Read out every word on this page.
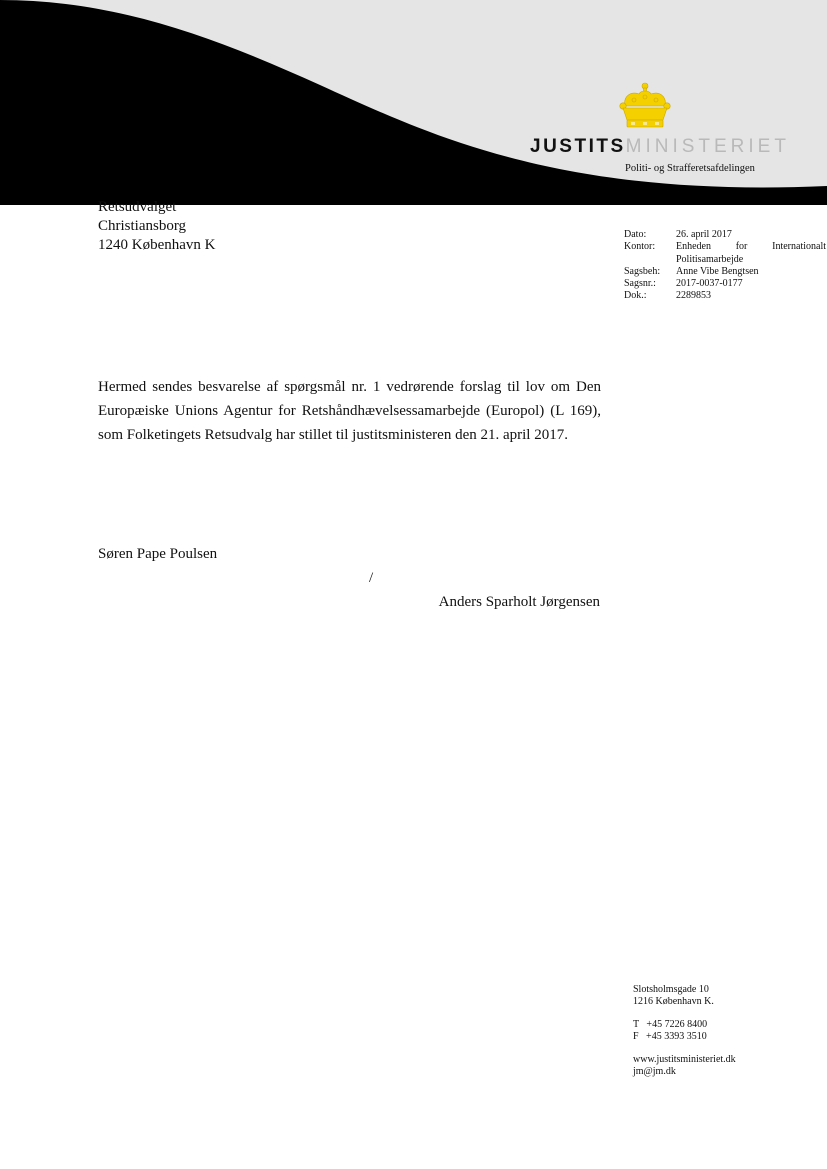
JUSTITSMINISTERIET
Politi- og Strafferetsafdelingen
Retsudvalget
Christiansborg
1240 København K
Dato:	26. april 2017
Kontor:	Enheden for Internationalt Politisamarbejde
Sagsbeh:	Anne Vibe Bengtsen
Sagsnr.:	2017-0037-0177
Dok.:	2289853
Hermed sendes besvarelse af spørgsmål nr. 1 vedrørende forslag til lov om Den Europæiske Unions Agentur for Retshåndhævelsessamarbejde (Europol) (L 169), som Folketingets Retsudvalg har stillet til justitsministeren den 21. april 2017.
Søren Pape Poulsen
/
Anders Sparholt Jørgensen
Slotsholmsgade 10
1216 København K.
T   +45 7226 8400
F   +45 3393 3510
www.justitsministeriet.dk
jm@jm.dk
